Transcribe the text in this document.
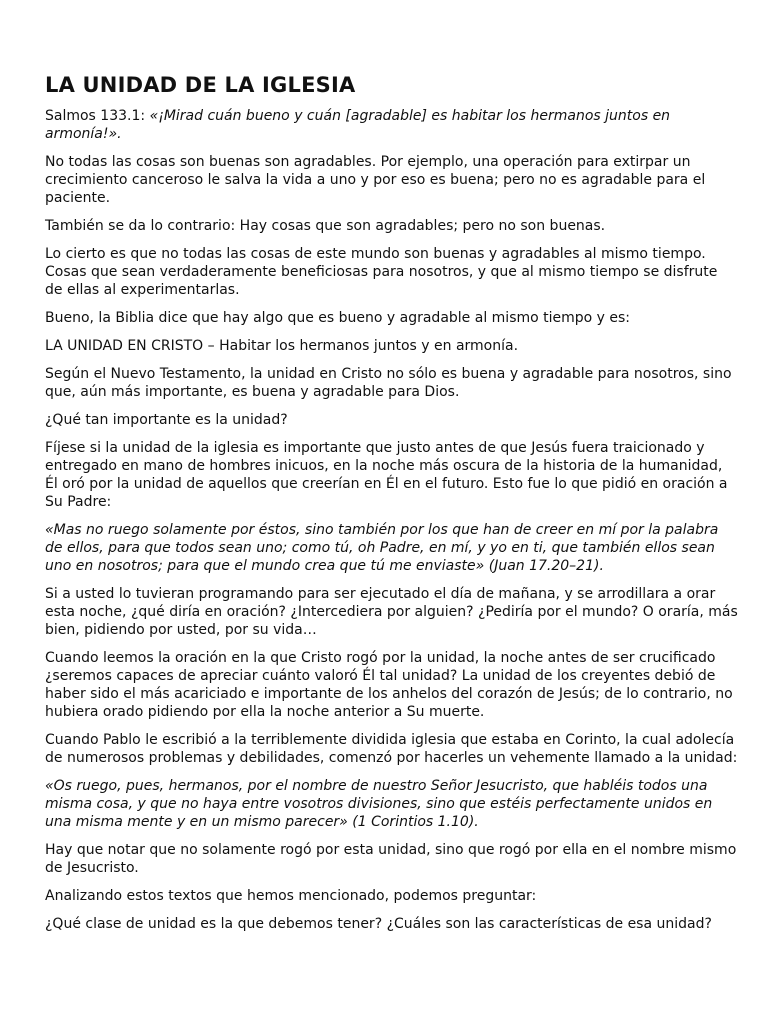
LA UNIDAD DE LA IGLESIA

Salmos 133.1: «¡Mirad cuán bueno y cuán [agradable] es habitar los hermanos juntos en armonía!».

No todas las cosas son buenas son agradables. Por ejemplo, una operación para extirpar un crecimiento canceroso le salva la vida a uno y por eso es buena; pero no es agradable para el paciente.

También se da lo contrario: Hay cosas que son agradables; pero no son buenas.

Lo cierto es que no todas las cosas de este mundo son buenas y agradables al mismo tiempo. Cosas que sean verdaderamente beneficiosas para nosotros, y que al mismo tiempo se disfrute de ellas al experimentarlas.

Bueno, la Biblia dice que hay algo que es bueno y agradable al mismo tiempo y es:

LA UNIDAD EN CRISTO – Habitar los hermanos juntos y en armonía.

Según el Nuevo Testamento, la unidad en Cristo no sólo es buena y agradable para nosotros, sino que, aún más importante, es buena y agradable para Dios.

¿Qué tan importante es la unidad?

Fíjese si la unidad de la iglesia es importante que justo antes de que Jesús fuera traicionado y entregado en mano de hombres inicuos, en la noche más oscura de la historia de la humanidad, Él oró por la unidad de aquellos que creerían en Él en el futuro. Esto fue lo que pidió en oración a Su Padre:

«Mas no ruego solamente por éstos, sino también por los que han de creer en mí por la palabra de ellos, para que todos sean uno; como tú, oh Padre, en mí, y yo en ti, que también ellos sean uno en nosotros; para que el mundo crea que tú me enviaste» (Juan 17.20–21).

Si a usted lo tuvieran programando para ser ejecutado el día de mañana, y se arrodillara a orar esta noche, ¿qué diría en oración? ¿Intercediera por alguien? ¿Pediría por el mundo? O oraría, más bien, pidiendo por usted, por su vida…

Cuando leemos la oración en la que Cristo rogó por la unidad, la noche antes de ser crucificado ¿seremos capaces de apreciar cuánto valoró Él tal unidad? La unidad de los creyentes debió de haber sido el más acariciado e importante de los anhelos del corazón de Jesús; de lo contrario, no hubiera orado pidiendo por ella la noche anterior a Su muerte.

Cuando Pablo le escribió a la terriblemente dividida iglesia que estaba en Corinto, la cual adolecía de numerosos problemas y debilidades, comenzó por hacerles un vehemente llamado a la unidad:

«Os ruego, pues, hermanos, por el nombre de nuestro Señor Jesucristo, que habléis todos una misma cosa, y que no haya entre vosotros divisiones, sino que estéis perfectamente unidos en una misma mente y en un mismo parecer» (1 Corintios 1.10).

Hay que notar que no solamente rogó por esta unidad, sino que rogó por ella en el nombre mismo de Jesucristo.

Analizando estos textos que hemos mencionado, podemos preguntar:

¿Qué clase de unidad es la que debemos tener? ¿Cuáles son las características de esa unidad?
